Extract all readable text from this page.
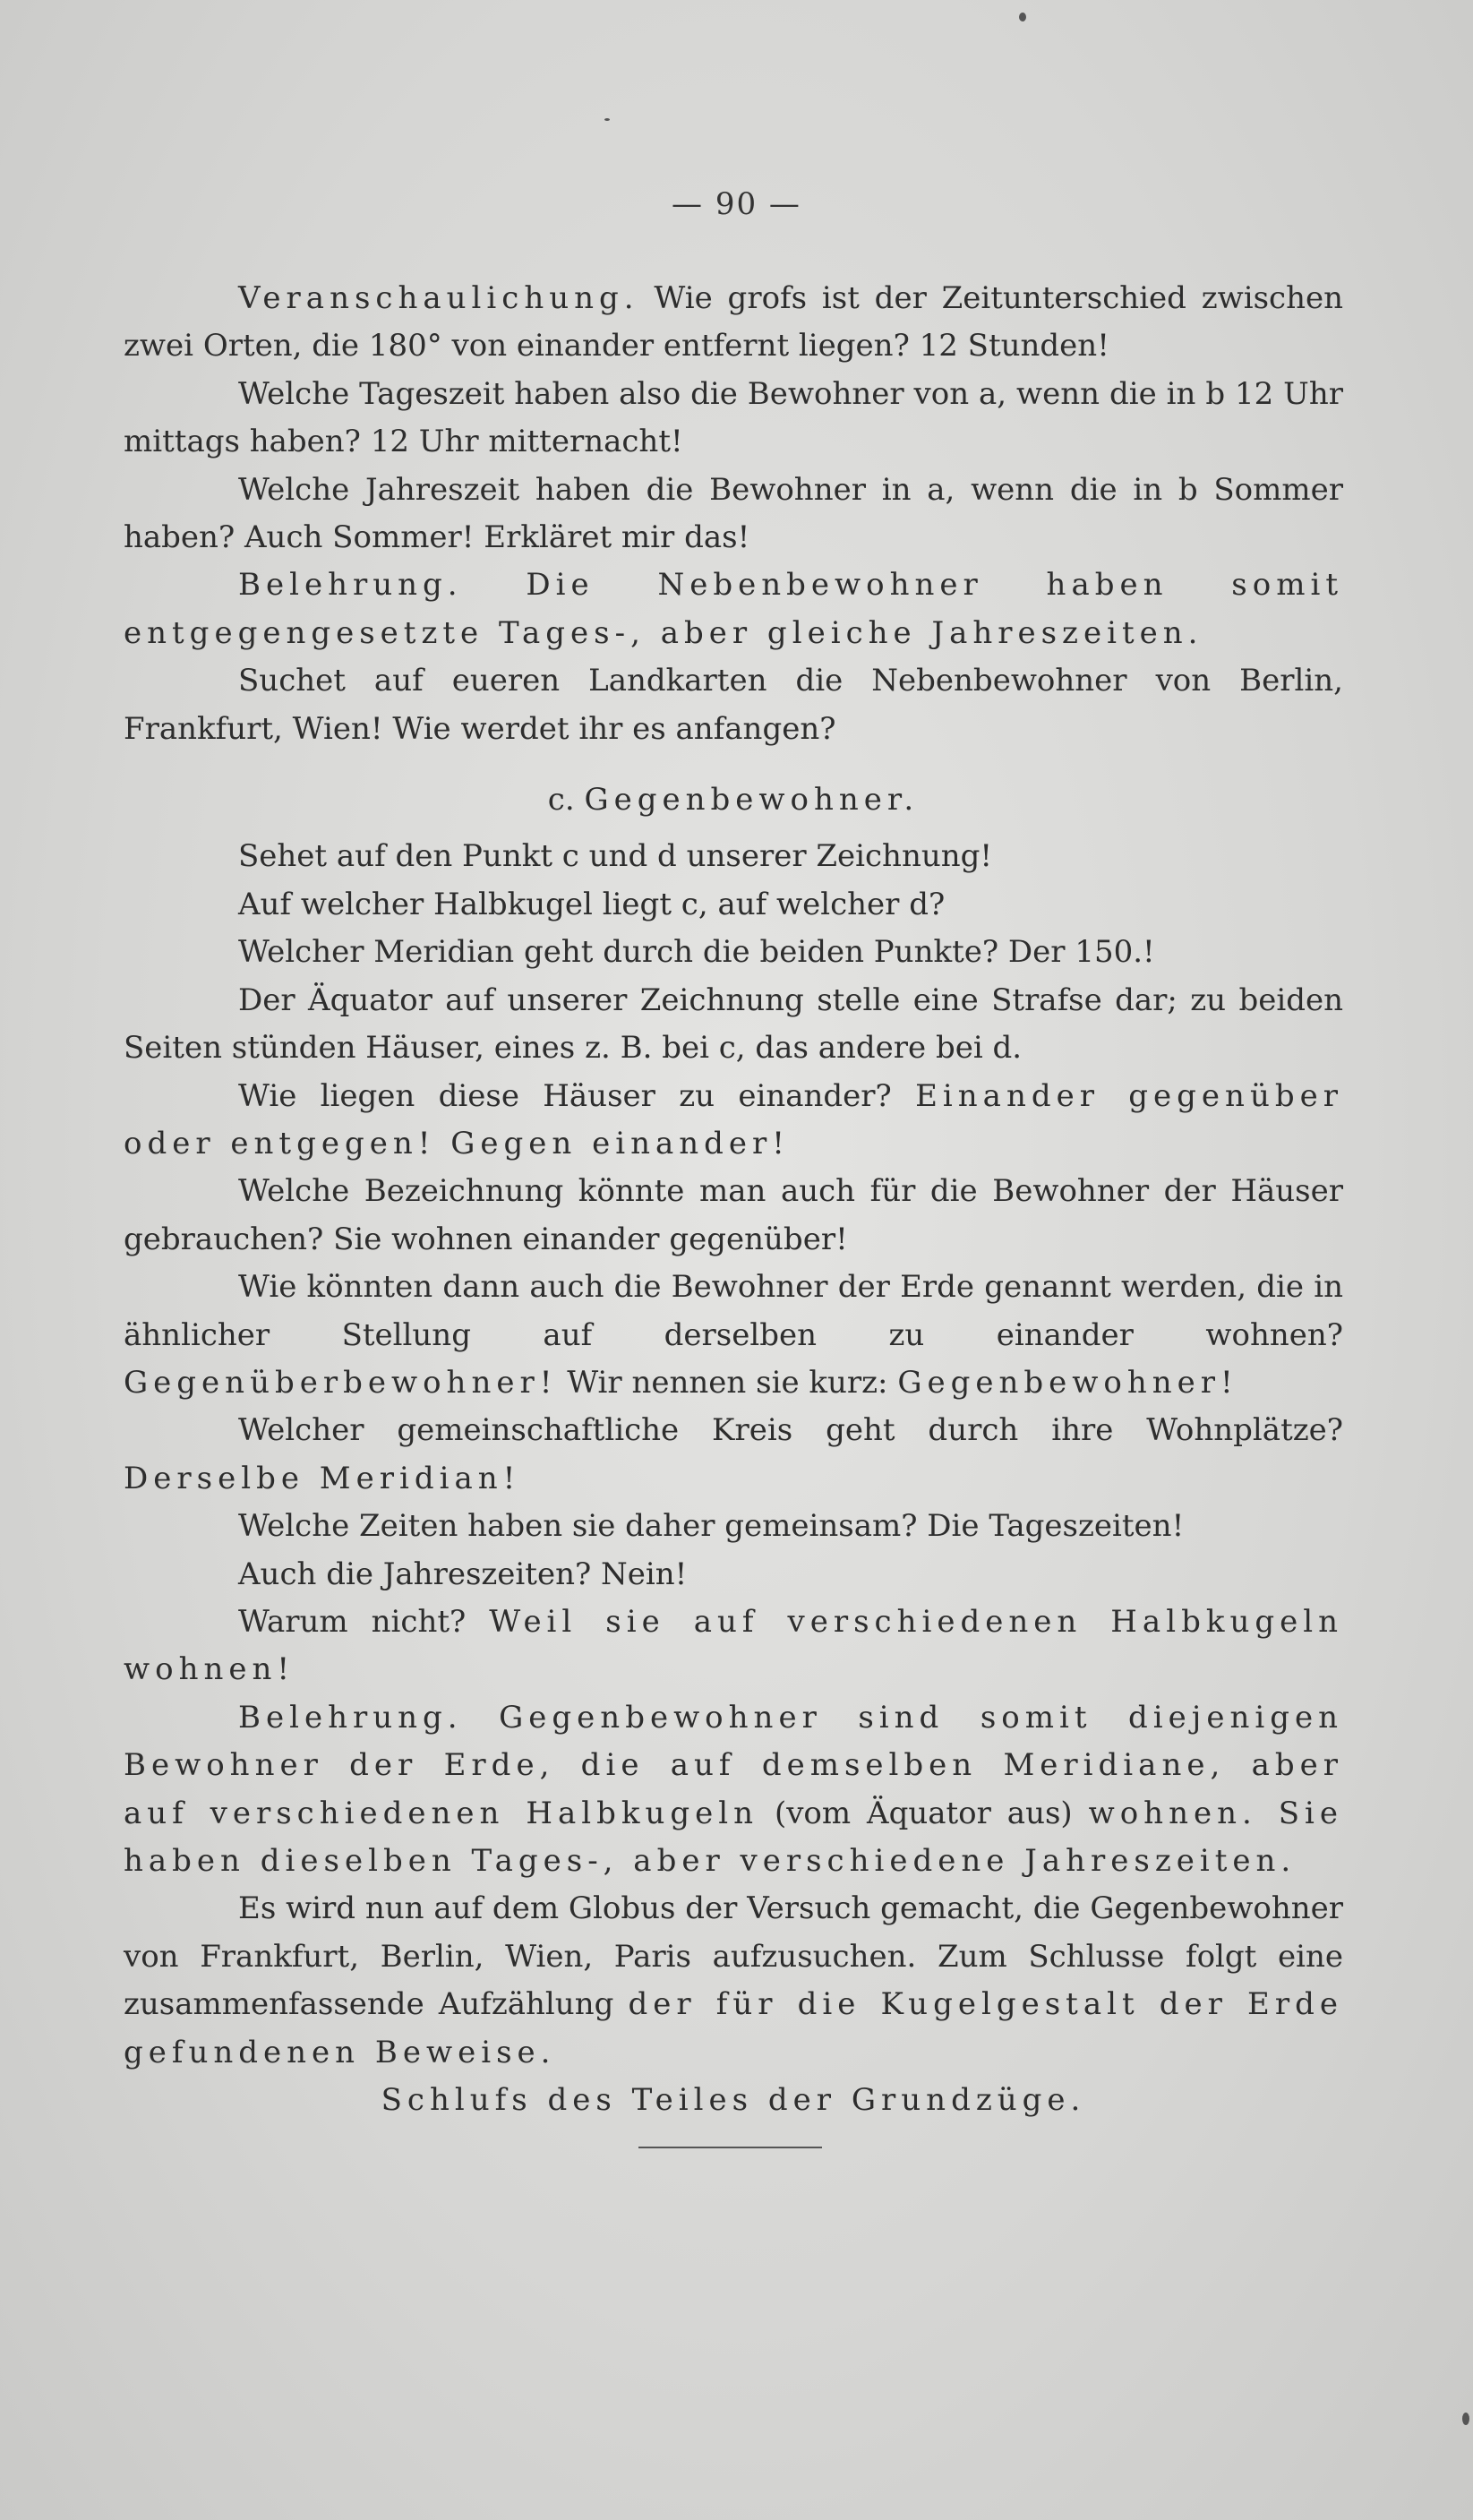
— 90 —

Veranschaulichung. Wie grofs ist der Zeitunterschied zwischen zwei Orten, die 180° von einander entfernt liegen? 12 Stunden!

Welche Tageszeit haben also die Bewohner von a, wenn die in b 12 Uhr mittags haben? 12 Uhr mitternacht!

Welche Jahreszeit haben die Bewohner in a, wenn die in b Sommer haben? Auch Sommer! Erkläret mir das!

Belehrung. Die Nebenbewohner haben somit entgegengesetzte Tages-, aber gleiche Jahreszeiten.

Suchet auf eueren Landkarten die Nebenbewohner von Berlin, Frankfurt, Wien! Wie werdet ihr es anfangen?

c. Gegenbewohner.

Sehet auf den Punkt c und d unserer Zeichnung!

Auf welcher Halbkugel liegt c, auf welcher d?

Welcher Meridian geht durch die beiden Punkte? Der 150.!

Der Äquator auf unserer Zeichnung stelle eine Strafse dar; zu beiden Seiten stünden Häuser, eines z. B. bei c, das andere bei d.

Wie liegen diese Häuser zu einander? Einander gegenüber oder entgegen! Gegen einander!

Welche Bezeichnung könnte man auch für die Bewohner der Häuser gebrauchen? Sie wohnen einander gegenüber!

Wie könnten dann auch die Bewohner der Erde genannt werden, die in ähnlicher Stellung auf derselben zu einander wohnen? Gegenüberbewohner! Wir nennen sie kurz: Gegenbewohner!

Welcher gemeinschaftliche Kreis geht durch ihre Wohnplätze? Derselbe Meridian!

Welche Zeiten haben sie daher gemeinsam? Die Tageszeiten!

Auch die Jahreszeiten? Nein!

Warum nicht? Weil sie auf verschiedenen Halbkugeln wohnen!

Belehrung. Gegenbewohner sind somit diejenigen Bewohner der Erde, die auf demselben Meridiane, aber auf verschiedenen Halbkugeln (vom Äquator aus) wohnen. Sie haben dieselben Tages-, aber verschiedene Jahreszeiten.

Es wird nun auf dem Globus der Versuch gemacht, die Gegenbewohner von Frankfurt, Berlin, Wien, Paris aufzusuchen. Zum Schlusse folgt eine zusammenfassende Aufzählung der für die Kugelgestalt der Erde gefundenen Beweise.

Schlufs des Teiles der Grundzüge.
